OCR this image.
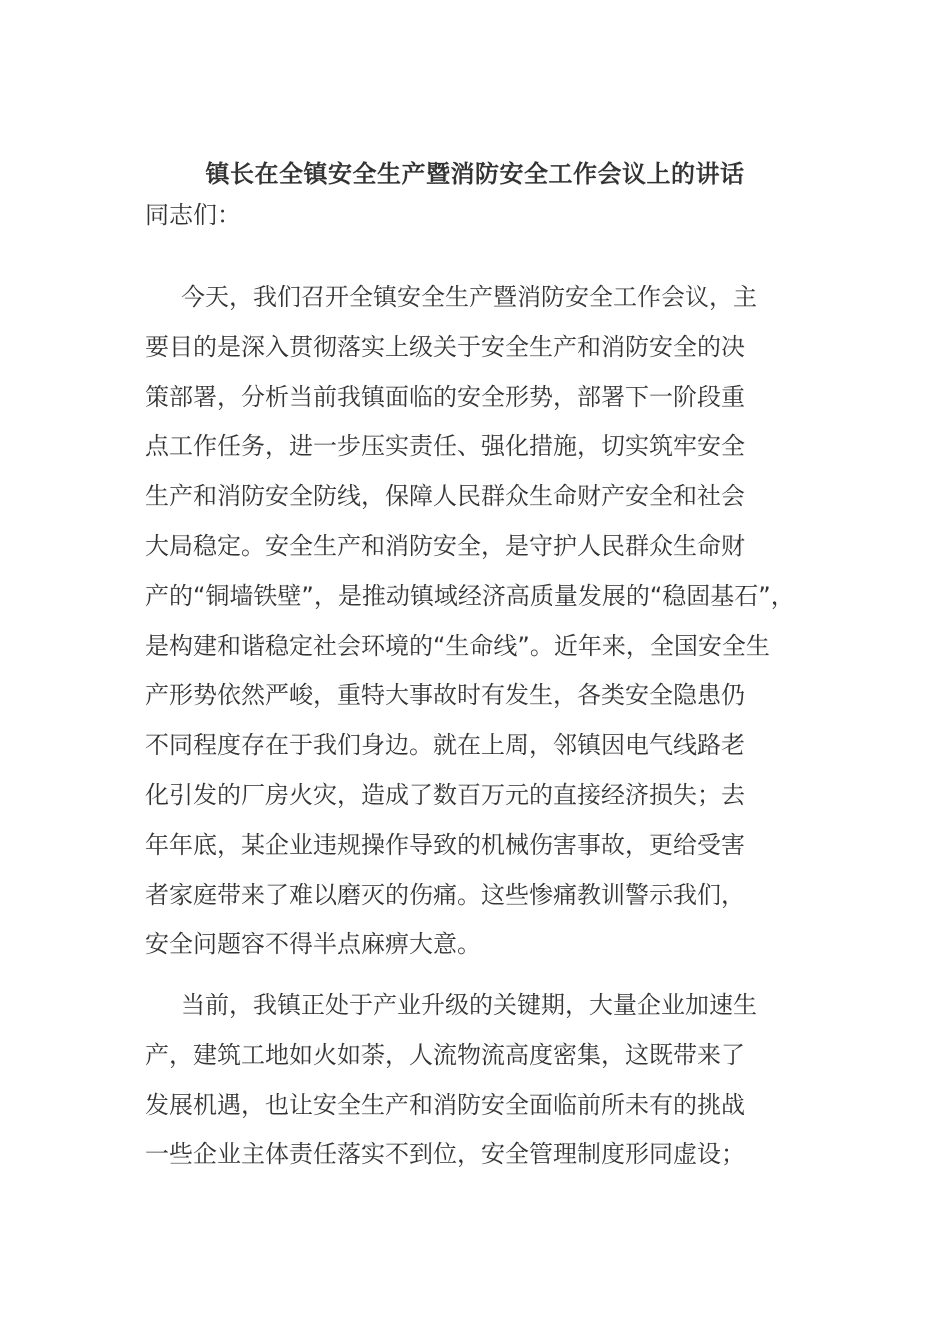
镇长在全镇安全生产暨消防安全工作会议上的讲话
同志们：
今天，我们召开全镇安全生产暨消防安全工作会议，主
要目的是深入贯彻落实上级关于安全生产和消防安全的决
策部署，分析当前我镇面临的安全形势，部署下一阶段重
点工作任务，进一步压实责任、强化措施，切实筑牢安全
生产和消防安全防线，保障人民群众生命财产安全和社会
大局稳定。安全生产和消防安全，是守护人民群众生命财
产的“铜墙铁壁”，是推动镇域经济高质量发展的“稳固基石”，
是构建和谐稳定社会环境的“生命线”。近年来，全国安全生
产形势依然严峻，重特大事故时有发生，各类安全隐患仍
不同程度存在于我们身边。就在上周，邻镇因电气线路老
化引发的厂房火灾，造成了数百万元的直接经济损失；去
年年底，某企业违规操作导致的机械伤害事故，更给受害
者家庭带来了难以磨灭的伤痛。这些惨痛教训警示我们，
安全问题容不得半点麻痹大意。
当前，我镇正处于产业升级的关键期，大量企业加速生
产，建筑工地如火如荼，人流物流高度密集，这既带来了
发展机遇，也让安全生产和消防安全面临前所未有的挑战
一些企业主体责任落实不到位，安全管理制度形同虚设；
